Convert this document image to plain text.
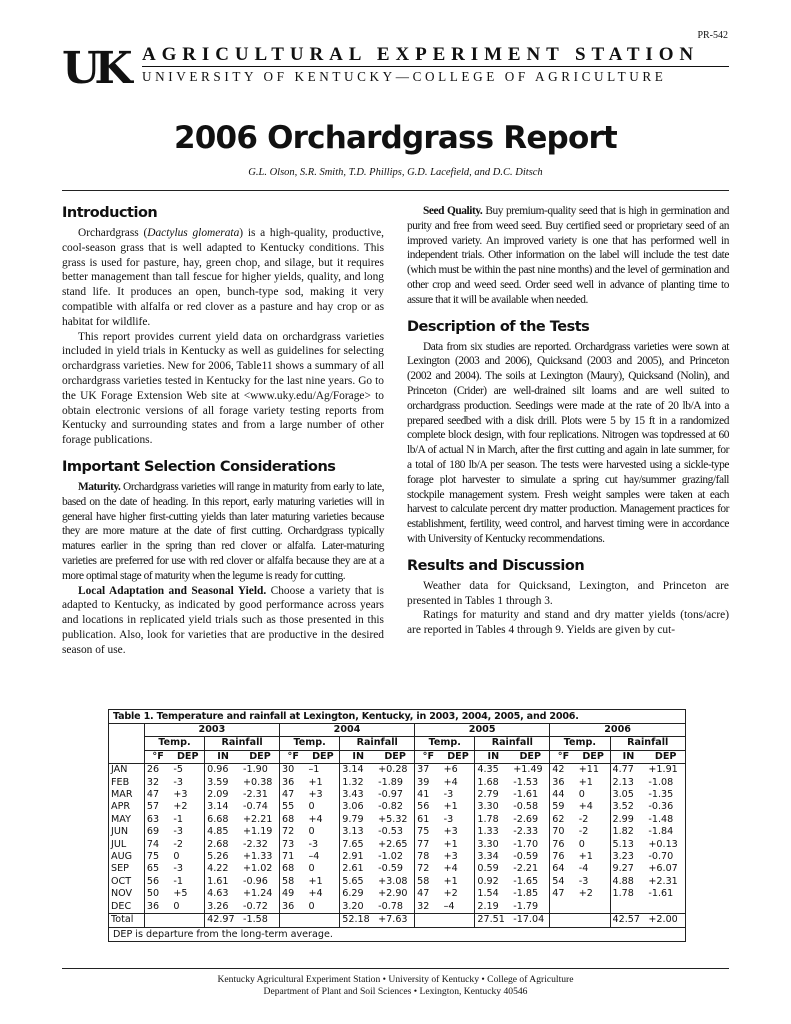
PR-542
UK AGRICULTURAL EXPERIMENT STATION
UNIVERSITY OF KENTUCKY—COLLEGE OF AGRICULTURE
2006 Orchardgrass Report
G.L. Olson, S.R. Smith, T.D. Phillips, G.D. Lacefield, and D.C. Ditsch
Introduction

Orchardgrass (Dactylus glomerata) is a high-quality, productive, cool-season grass that is well adapted to Kentucky conditions. This grass is used for pasture, hay, green chop, and silage, but it requires better management than tall fescue for higher yields, quality, and long stand life. It produces an open, bunch-type sod, making it very compatible with alfalfa or red clover as a pasture and hay crop or as habitat for wildlife.

This report provides current yield data on orchardgrass varieties included in yield trials in Kentucky as well as guidelines for selecting orchardgrass varieties. New for 2006, Table11 shows a summary of all orchardgrass varieties tested in Kentucky for the last nine years. Go to the UK Forage Extension Web site at <www.uky.edu/Ag/Forage> to obtain electronic versions of all forage variety testing reports from Kentucky and surrounding states and from a large number of other forage publications.

Important Selection Considerations

Maturity. Orchardgrass varieties will range in maturity from early to late, based on the date of heading. In this report, early maturing varieties will in general have higher first-cutting yields than later maturing varieties because they are more mature at the date of first cutting. Orchardgrass typically matures earlier in the spring than red clover or alfalfa. Later-maturing varieties are preferred for use with red clover or alfalfa because they are at a more optimal stage of maturity when the legume is ready for cutting.

Local Adaptation and Seasonal Yield. Choose a variety that is adapted to Kentucky, as indicated by good performance across years and locations in replicated yield trials such as those presented in this publication. Also, look for varieties that are productive in the desired season of use.

Seed Quality. Buy premium-quality seed that is high in germination and purity and free from weed seed. Buy certified seed or proprietary seed of an improved variety. An improved variety is one that has performed well in independent trials. Other information on the label will include the test date (which must be within the past nine months) and the level of germination and other crop and weed seed. Order seed well in advance of planting time to assure that it will be available when needed.

Description of the Tests

Data from six studies are reported. Orchardgrass varieties were sown at Lexington (2003 and 2006), Quicksand (2003 and 2005), and Princeton (2002 and 2004). The soils at Lexington (Maury), Quicksand (Nolin), and Princeton (Crider) are well-drained silt loams and are well suited to orchardgrass production. Seedings were made at the rate of 20 lb/A into a prepared seedbed with a disk drill. Plots were 5 by 15 ft in a randomized complete block design, with four replications. Nitrogen was topdressed at 60 lb/A of actual N in March, after the first cutting and again in late summer, for a total of 180 lb/A per season. The tests were harvested using a sickle-type forage plot harvester to simulate a spring cut hay/summer grazing/fall stockpile management system. Fresh weight samples were taken at each harvest to calculate percent dry matter production. Management practices for establishment, fertility, weed control, and harvest timing were in accordance with University of Kentucky recommendations.

Results and Discussion

Weather data for Quicksand, Lexington, and Princeton are presented in Tables 1 through 3.

Ratings for maturity and stand and dry matter yields (tons/acre) are reported in Tables 4 through 9. Yields are given by cut-

Table 1. Temperature and rainfall at Lexington, Kentucky, in 2003, 2004, 2005, and 2006.
	2003				2004				2005				2006			
	Temp.		Rainfall		Temp.		Rainfall		Temp.		Rainfall		Temp.		Rainfall	
	°F	DEP	IN	DEP	°F	DEP	IN	DEP	°F	DEP	IN	DEP	°F	DEP	IN	DEP
JAN	26	-5	0.96	-1.90	30	–1	3.14	+0.28	37	+6	4.35	+1.49	42	+11	4.77	+1.91
FEB	32	-3	3.59	+0.38	36	+1	1.32	-1.89	39	+4	1.68	-1.53	36	+1	2.13	-1.08
MAR	47	+3	2.09	-2.31	47	+3	3.43	-0.97	41	-3	2.79	-1.61	44	0	3.05	-1.35
APR	57	+2	3.14	-0.74	55	0	3.06	-0.82	56	+1	3.30	-0.58	59	+4	3.52	-0.36
MAY	63	-1	6.68	+2.21	68	+4	9.79	+5.32	61	-3	1.78	-2.69	62	-2	2.99	-1.48
JUN	69	-3	4.85	+1.19	72	0	3.13	-0.53	75	+3	1.33	-2.33	70	-2	1.82	-1.84
JUL	74	-2	2.68	-2.32	73	-3	7.65	+2.65	77	+1	3.30	-1.70	76	0	5.13	+0.13
AUG	75	0	5.26	+1.33	71	–4	2.91	-1.02	78	+3	3.34	-0.59	76	+1	3.23	-0.70
SEP	65	-3	4.22	+1.02	68	0	2.61	-0.59	72	+4	0.59	-2.21	64	-4	9.27	+6.07
OCT	56	-1	1.61	-0.96	58	+1	5.65	+3.08	58	+1	0.92	-1.65	54	-3	4.88	+2.31
NOV	50	+5	4.63	+1.24	49	+4	6.29	+2.90	47	+2	1.54	-1.85	47	+2	1.78	-1.61
DEC	36	0	3.26	-0.72	36	0	3.20	-0.78	32	–4	2.19	-1.79				
Total			42.97	-1.58			52.18	+7.63			27.51	-17.04			42.57	+2.00
DEP is departure from the long-term average.
Kentucky Agricultural Experiment Station • University of Kentucky • College of Agriculture
Department of Plant and Soil Sciences • Lexington, Kentucky 40546
